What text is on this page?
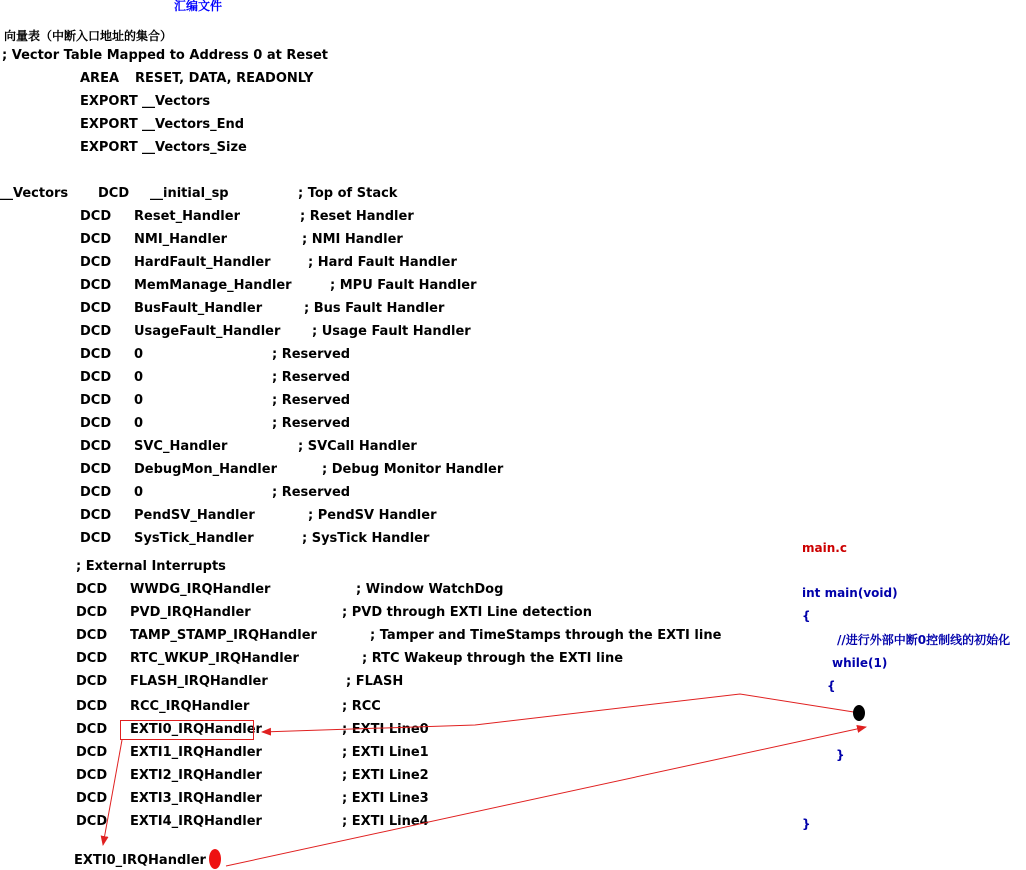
汇编文件
向量表（中断入口地址的集合）
; Vector Table Mapped to Address 0 at Reset
AREA RESET, DATA, READONLY
EXPORT __Vectors
EXPORT __Vectors_End
EXPORT __Vectors_Size
__Vectors DCD __initial_sp	; Top of Stack
DCD Reset_Handler	; Reset Handler
DCD NMI_Handler	; NMI Handler
DCD HardFault_Handler	; Hard Fault Handler
DCD MemManage_Handler	; MPU Fault Handler
DCD BusFault_Handler	; Bus Fault Handler
DCD UsageFault_Handler ; Usage Fault Handler
DCD 0	; Reserved
DCD 0	; Reserved
DCD 0	; Reserved
DCD 0	; Reserved
DCD SVC_Handler	; SVCall Handler
DCD DebugMon_Handler	; Debug Monitor Handler
DCD 0	; Reserved
DCD PendSV_Handler	; PendSV Handler
DCD SysTick_Handler	; SysTick Handler
; External Interrupts
DCD WWDG_IRQHandler	; Window WatchDog
DCD PVD_IRQHandler	; PVD through EXTI Line detection
DCD TAMP_STAMP_IRQHandler	; Tamper and TimeStamps through the EXTI line
DCD RTC_WKUP_IRQHandler	; RTC Wakeup through the EXTI line
DCD FLASH_IRQHandler	; FLASH
DCD RCC_IRQHandler	; RCC
DCD EXTI0_IRQHandler	; EXTI Line0
DCD EXTI1_IRQHandler	; EXTI Line1
DCD EXTI2_IRQHandler	; EXTI Line2
DCD EXTI3_IRQHandler	; EXTI Line3
DCD EXTI4_IRQHandler	; EXTI Line4
EXTI0_IRQHandler
main.c
int main(void)
{
//进行外部中断0控制线的初始化
while(1)
{
}
}
